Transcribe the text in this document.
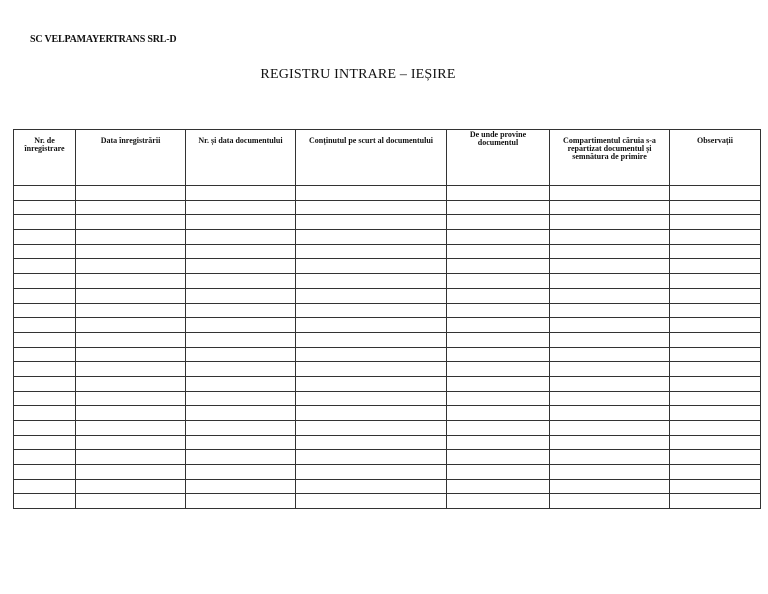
SC VELPAMAYERTRANS SRL-D
REGISTRU INTRARE – IEȘIRE
Nr. de înregistrare	Data înregistrării	Nr. și data documentului	Conținutul pe scurt al documentului	De unde provine documentul	Compartimentul căruia s-a repartizat documentul și semnătura de primire	Observații
